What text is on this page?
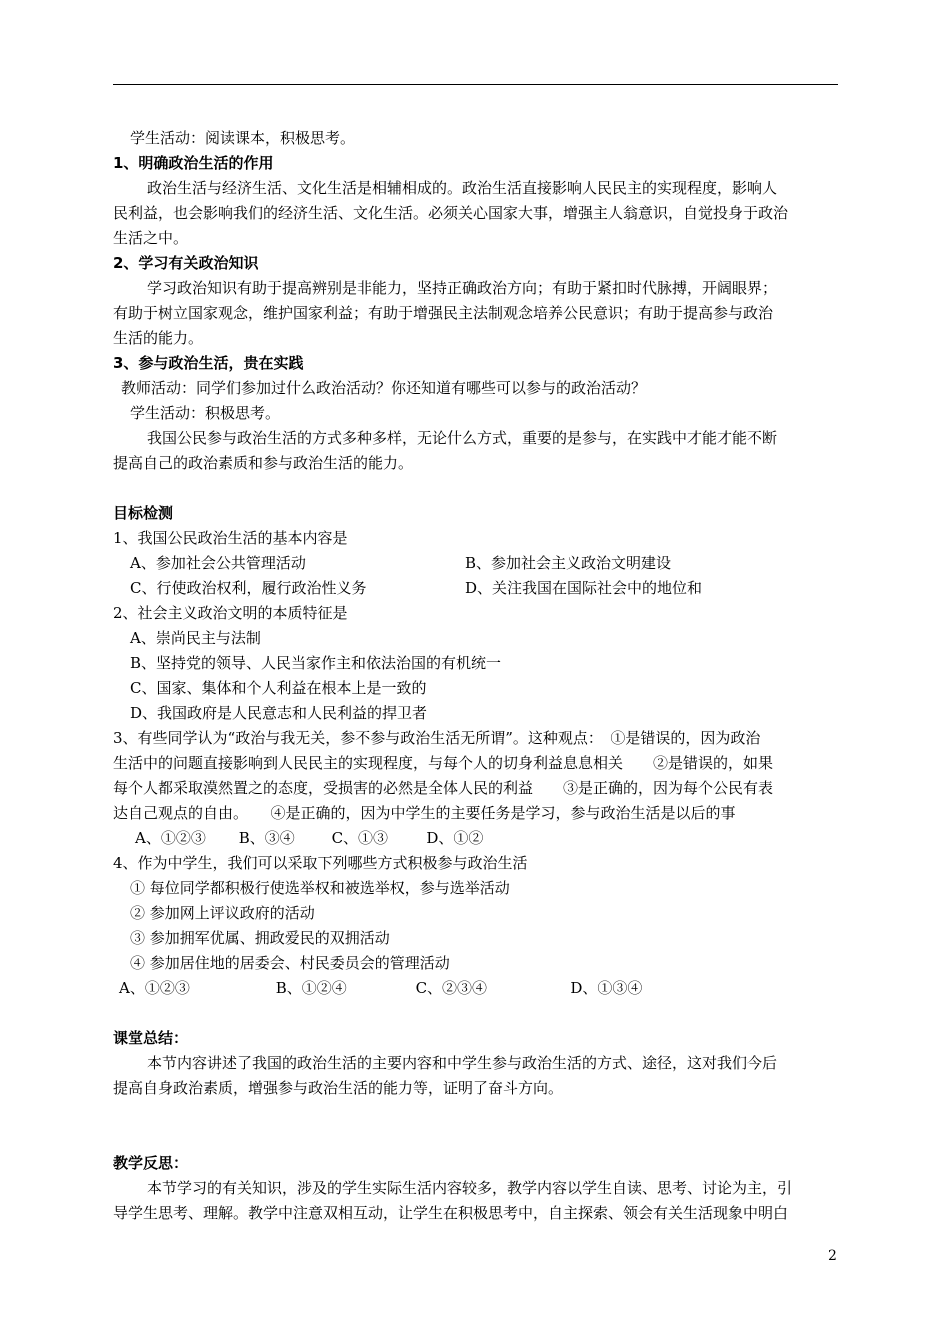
学生活动：阅读课本，积极思考。
1、明确政治生活的作用
政治生活与经济生活、文化生活是相辅相成的。政治生活直接影响人民民主的实现程度，影响人
民利益，也会影响我们的经济生活、文化生活。必须关心国家大事，增强主人翁意识，自觉投身于政治
生活之中。
2、学习有关政治知识
学习政治知识有助于提高辨别是非能力，坚持正确政治方向；有助于紧扣时代脉搏，开阔眼界；
有助于树立国家观念，维护国家利益；有助于增强民主法制观念培养公民意识；有助于提高参与政治
生活的能力。
3、参与政治生活，贵在实践
教师活动：同学们参加过什么政治活动？你还知道有哪些可以参与的政治活动？
学生活动：积极思考。
我国公民参与政治生活的方式多种多样，无论什么方式，重要的是参与，在实践中才能才能不断
提高自己的政治素质和参与政治生活的能力。
目标检测
1、我国公民政治生活的基本内容是
A、参加社会公共管理活动	B、参加社会主义政治文明建设
C、行使政治权利，履行政治性义务	D、关注我国在国际社会中的地位和
2、社会主义政治文明的本质特征是
A、崇尚民主与法制
B、坚持党的领导、人民当家作主和依法治国的有机统一
C、国家、集体和个人利益在根本上是一致的
D、我国政府是人民意志和人民利益的捍卫者
3、有些同学认为“政治与我无关，参不参与政治生活无所谓”。这种观点：　①是错误的，因为政治
生活中的问题直接影响到人民民主的实现程度，与每个人的切身利益息息相关　　②是错误的，如果
每个人都采取漠然置之的态度，受损害的必然是全体人民的利益　　③是正确的，因为每个公民有表
达自己观点的自由。　　④是正确的，因为中学生的主要任务是学习，参与政治生活是以后的事
A、①②③ B、③④ C、①③	D、①②
4、作为中学生，我们可以采取下列哪些方式积极参与政治生活
① 每位同学都积极行使选举权和被选举权，参与选举活动
② 参加网上评议政府的活动
③ 参加拥军优属、拥政爱民的双拥活动
④ 参加居住地的居委会、村民委员会的管理活动
A、①②③	B、①②④	C、②③④	D、①③④
课堂总结：
本节内容讲述了我国的政治生活的主要内容和中学生参与政治生活的方式、途径，这对我们今后
提高自身政治素质，增强参与政治生活的能力等，证明了奋斗方向。
教学反思：
本节学习的有关知识，涉及的学生实际生活内容较多，教学内容以学生自读、思考、讨论为主，引
导学生思考、理解。教学中注意双相互动，让学生在积极思考中，自主探索、领会有关生活现象中明白
2
